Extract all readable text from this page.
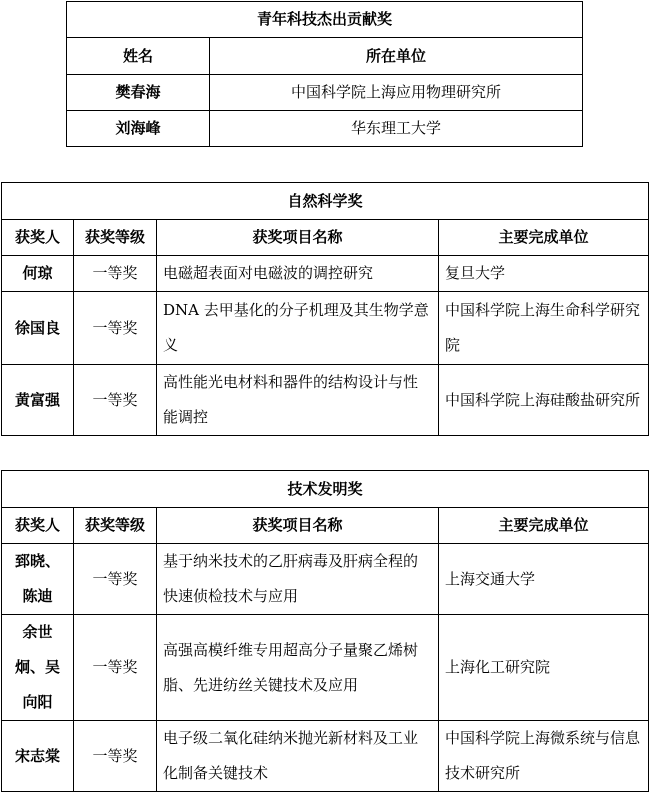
青年科技杰出贡献奖	
姓名	所在单位
樊春海	中国科学院上海应用物理研究所
刘海峰	华东理工大学
自然科学奖			
获奖人	获奖等级	获奖项目名称	主要完成单位
何琼	一等奖	电磁超表面对电磁波的调控研究	复旦大学
徐国良	一等奖	DNA 去甲基化的分子机理及其生物学意义	中国科学院上海生命科学研究院
黄富强	一等奖	高性能光电材料和器件的结构设计与性能调控	中国科学院上海硅酸盐研究所
技术发明奖			
获奖人	获奖等级	获奖项目名称	主要完成单位
郅晓、陈迪	一等奖	基于纳米技术的乙肝病毒及肝病全程的快速侦检技术与应用	上海交通大学
余世炯、吴向阳	一等奖	高强高模纤维专用超高分子量聚乙烯树脂、先进纺丝关键技术及应用	上海化工研究院
宋志棠	一等奖	电子级二氧化硅纳米抛光新材料及工业化制备关键技术	中国科学院上海微系统与信息技术研究所
